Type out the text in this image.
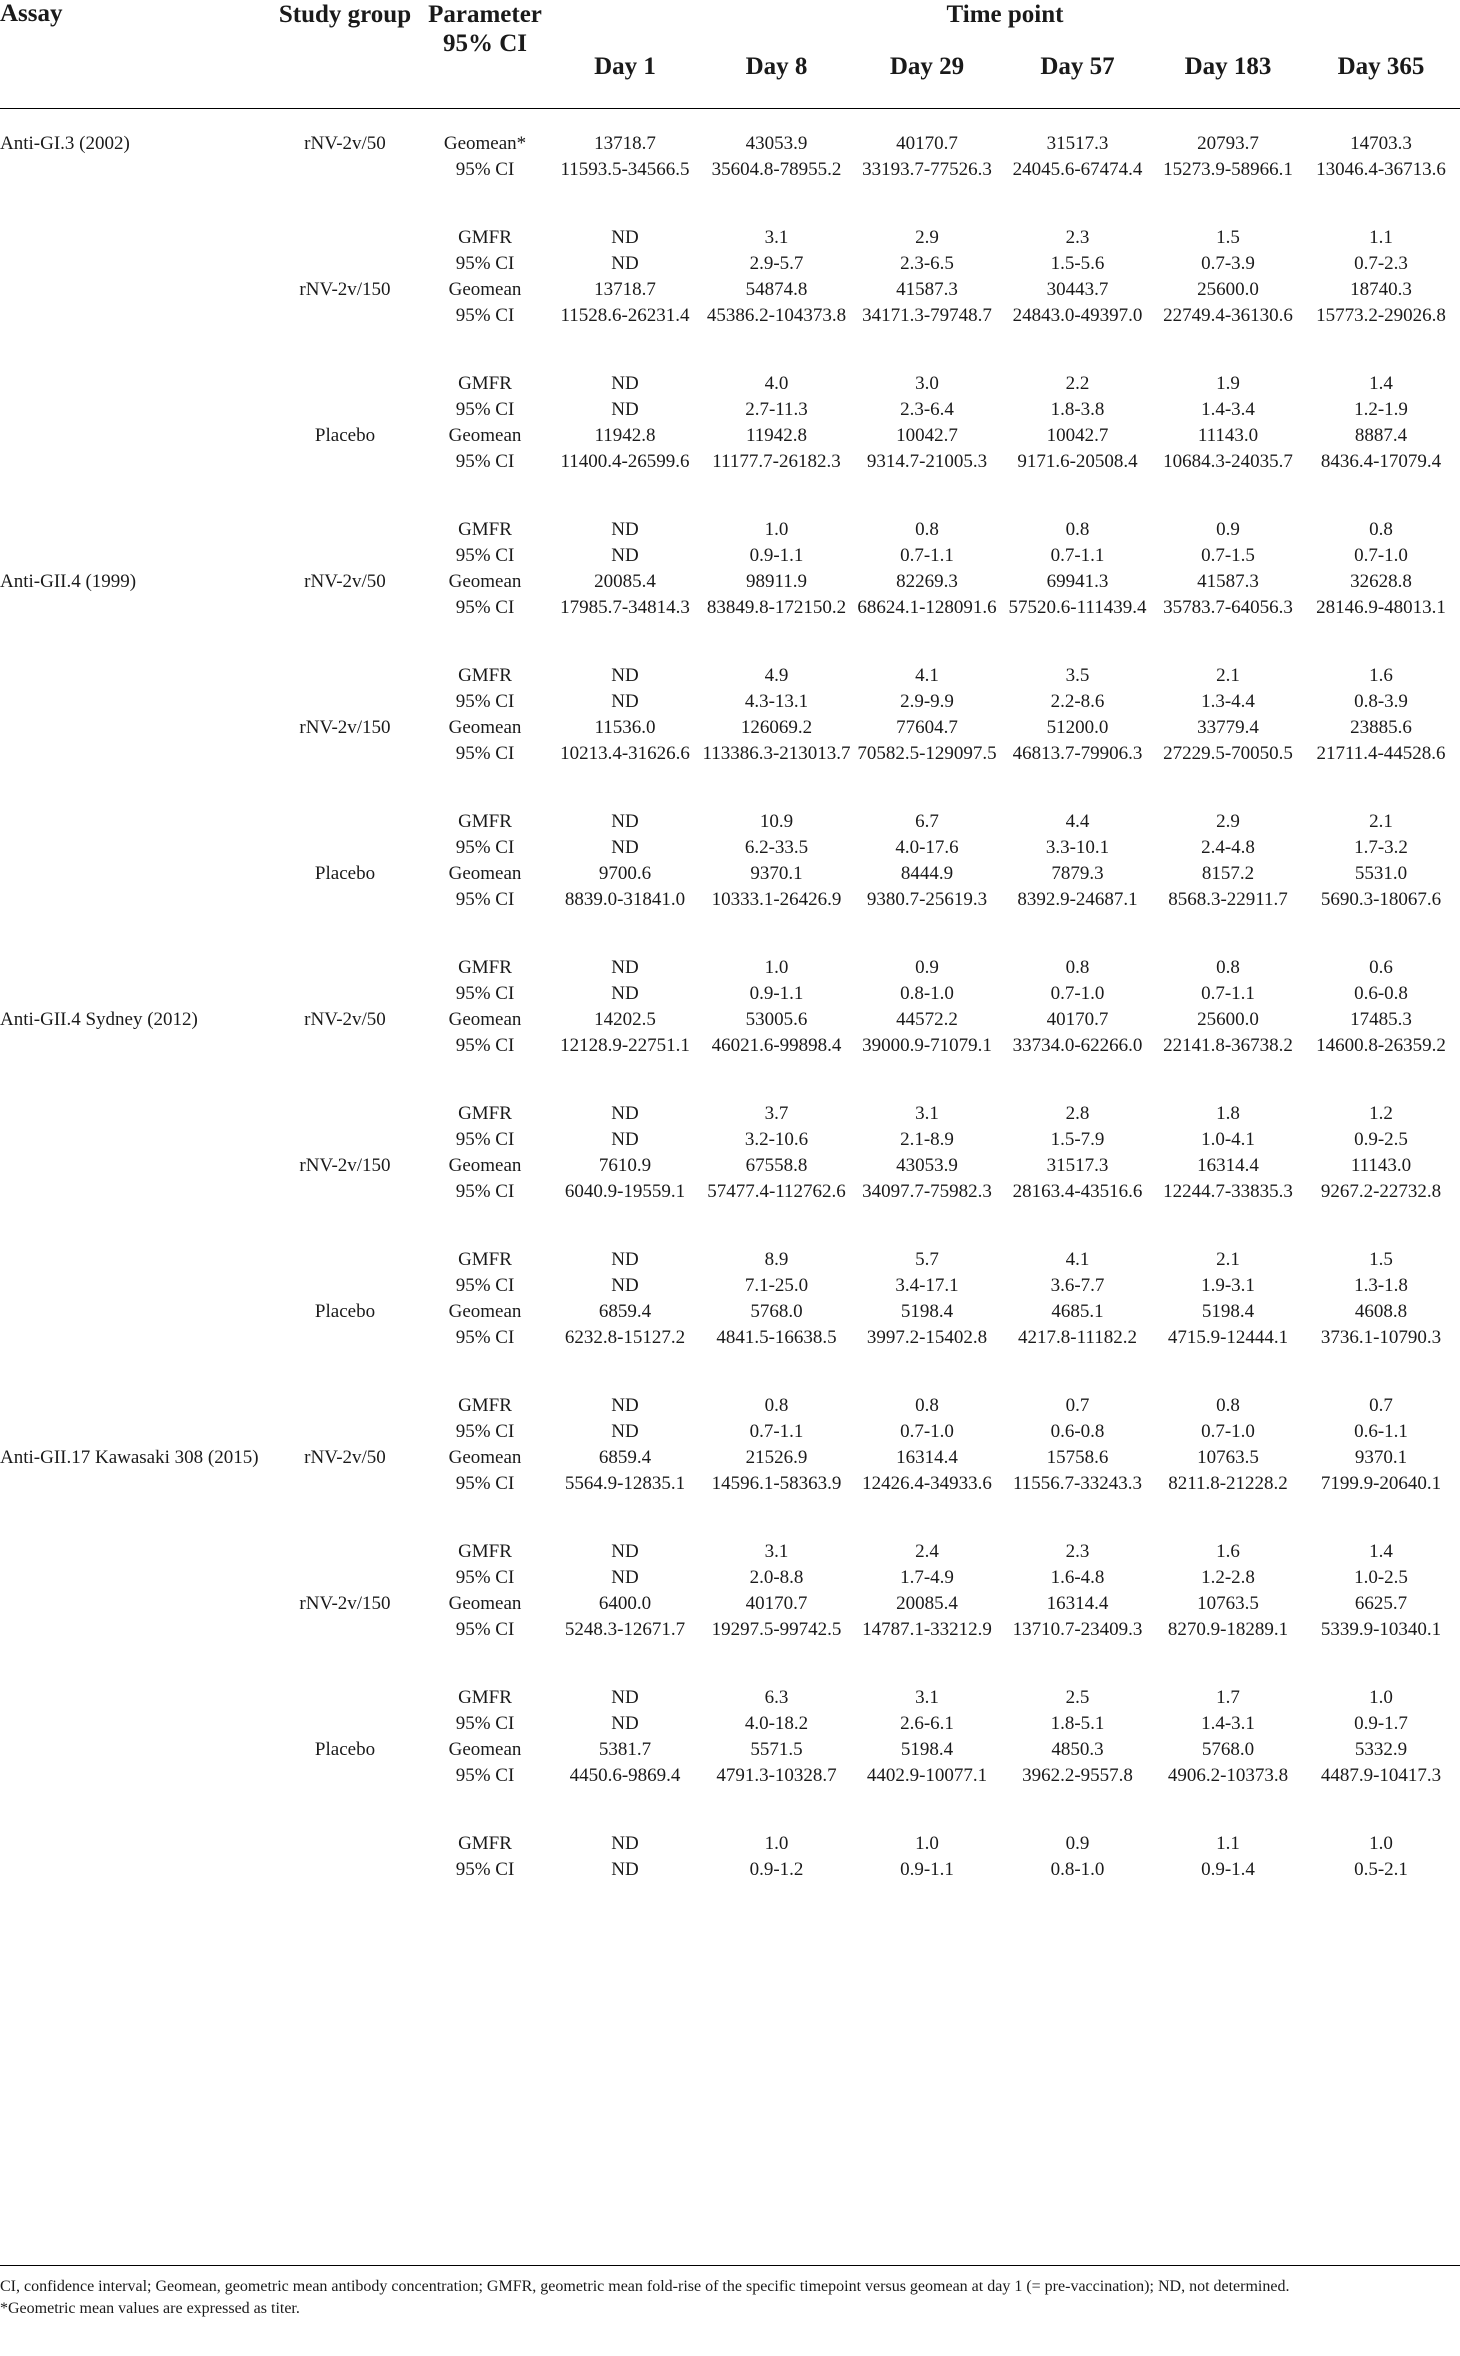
Assay	Study group	Parameter 95% CI	Time point					
			Day 1	Day 8	Day 29	Day 57	Day 183	Day 365
Anti-GI.3 (2002)	rNV-2v/50	Geomean*	13718.7	43053.9	40170.7	31517.3	20793.7	14703.3
		95% CI	11593.5-34566.5	35604.8-78955.2	33193.7-77526.3	24045.6-67474.4	15273.9-58966.1	13046.4-36713.6
		GMFR	ND	3.1	2.9	2.3	1.5	1.1
		95% CI	ND	2.9-5.7	2.3-6.5	1.5-5.6	0.7-3.9	0.7-2.3
	rNV-2v/150	Geomean	13718.7	54874.8	41587.3	30443.7	25600.0	18740.3
		95% CI	11528.6-26231.4	45386.2-104373.8	34171.3-79748.7	24843.0-49397.0	22749.4-36130.6	15773.2-29026.8
		GMFR	ND	4.0	3.0	2.2	1.9	1.4
		95% CI	ND	2.7-11.3	2.3-6.4	1.8-3.8	1.4-3.4	1.2-1.9
	Placebo	Geomean	11942.8	11942.8	10042.7	10042.7	11143.0	8887.4
		95% CI	11400.4-26599.6	11177.7-26182.3	9314.7-21005.3	9171.6-20508.4	10684.3-24035.7	8436.4-17079.4
		GMFR	ND	1.0	0.8	0.8	0.9	0.8
		95% CI	ND	0.9-1.1	0.7-1.1	0.7-1.1	0.7-1.5	0.7-1.0
Anti-GII.4 (1999)	rNV-2v/50	Geomean	20085.4	98911.9	82269.3	69941.3	41587.3	32628.8
		95% CI	17985.7-34814.3	83849.8-172150.2	68624.1-128091.6	57520.6-111439.4	35783.7-64056.3	28146.9-48013.1
		GMFR	ND	4.9	4.1	3.5	2.1	1.6
		95% CI	ND	4.3-13.1	2.9-9.9	2.2-8.6	1.3-4.4	0.8-3.9
	rNV-2v/150	Geomean	11536.0	126069.2	77604.7	51200.0	33779.4	23885.6
		95% CI	10213.4-31626.6	113386.3-213013.7	70582.5-129097.5	46813.7-79906.3	27229.5-70050.5	21711.4-44528.6
		GMFR	ND	10.9	6.7	4.4	2.9	2.1
		95% CI	ND	6.2-33.5	4.0-17.6	3.3-10.1	2.4-4.8	1.7-3.2
	Placebo	Geomean	9700.6	9370.1	8444.9	7879.3	8157.2	5531.0
		95% CI	8839.0-31841.0	10333.1-26426.9	9380.7-25619.3	8392.9-24687.1	8568.3-22911.7	5690.3-18067.6
		GMFR	ND	1.0	0.9	0.8	0.8	0.6
		95% CI	ND	0.9-1.1	0.8-1.0	0.7-1.0	0.7-1.1	0.6-0.8
Anti-GII.4 Sydney (2012)	rNV-2v/50	Geomean	14202.5	53005.6	44572.2	40170.7	25600.0	17485.3
		95% CI	12128.9-22751.1	46021.6-99898.4	39000.9-71079.1	33734.0-62266.0	22141.8-36738.2	14600.8-26359.2
		GMFR	ND	3.7	3.1	2.8	1.8	1.2
		95% CI	ND	3.2-10.6	2.1-8.9	1.5-7.9	1.0-4.1	0.9-2.5
	rNV-2v/150	Geomean	7610.9	67558.8	43053.9	31517.3	16314.4	11143.0
		95% CI	6040.9-19559.1	57477.4-112762.6	34097.7-75982.3	28163.4-43516.6	12244.7-33835.3	9267.2-22732.8
		GMFR	ND	8.9	5.7	4.1	2.1	1.5
		95% CI	ND	7.1-25.0	3.4-17.1	3.6-7.7	1.9-3.1	1.3-1.8
	Placebo	Geomean	6859.4	5768.0	5198.4	4685.1	5198.4	4608.8
		95% CI	6232.8-15127.2	4841.5-16638.5	3997.2-15402.8	4217.8-11182.2	4715.9-12444.1	3736.1-10790.3
		GMFR	ND	0.8	0.8	0.7	0.8	0.7
		95% CI	ND	0.7-1.1	0.7-1.0	0.6-0.8	0.7-1.0	0.6-1.1
Anti-GII.17 Kawasaki 308 (2015)	rNV-2v/50	Geomean	6859.4	21526.9	16314.4	15758.6	10763.5	9370.1
		95% CI	5564.9-12835.1	14596.1-58363.9	12426.4-34933.6	11556.7-33243.3	8211.8-21228.2	7199.9-20640.1
		GMFR	ND	3.1	2.4	2.3	1.6	1.4
		95% CI	ND	2.0-8.8	1.7-4.9	1.6-4.8	1.2-2.8	1.0-2.5
	rNV-2v/150	Geomean	6400.0	40170.7	20085.4	16314.4	10763.5	6625.7
		95% CI	5248.3-12671.7	19297.5-99742.5	14787.1-33212.9	13710.7-23409.3	8270.9-18289.1	5339.9-10340.1
		GMFR	ND	6.3	3.1	2.5	1.7	1.0
		95% CI	ND	4.0-18.2	2.6-6.1	1.8-5.1	1.4-3.1	0.9-1.7
	Placebo	Geomean	5381.7	5571.5	5198.4	4850.3	5768.0	5332.9
		95% CI	4450.6-9869.4	4791.3-10328.7	4402.9-10077.1	3962.2-9557.8	4906.2-10373.8	4487.9-10417.3
		GMFR	ND	1.0	1.0	0.9	1.1	1.0
		95% CI	ND	0.9-1.2	0.9-1.1	0.8-1.0	0.9-1.4	0.5-2.1

CI, confidence interval; Geomean, geometric mean antibody concentration; GMFR, geometric mean fold-rise of the specific timepoint versus geomean at day 1 (= pre-vaccination); ND, not determined.

*Geometric mean values are expressed as titer.
